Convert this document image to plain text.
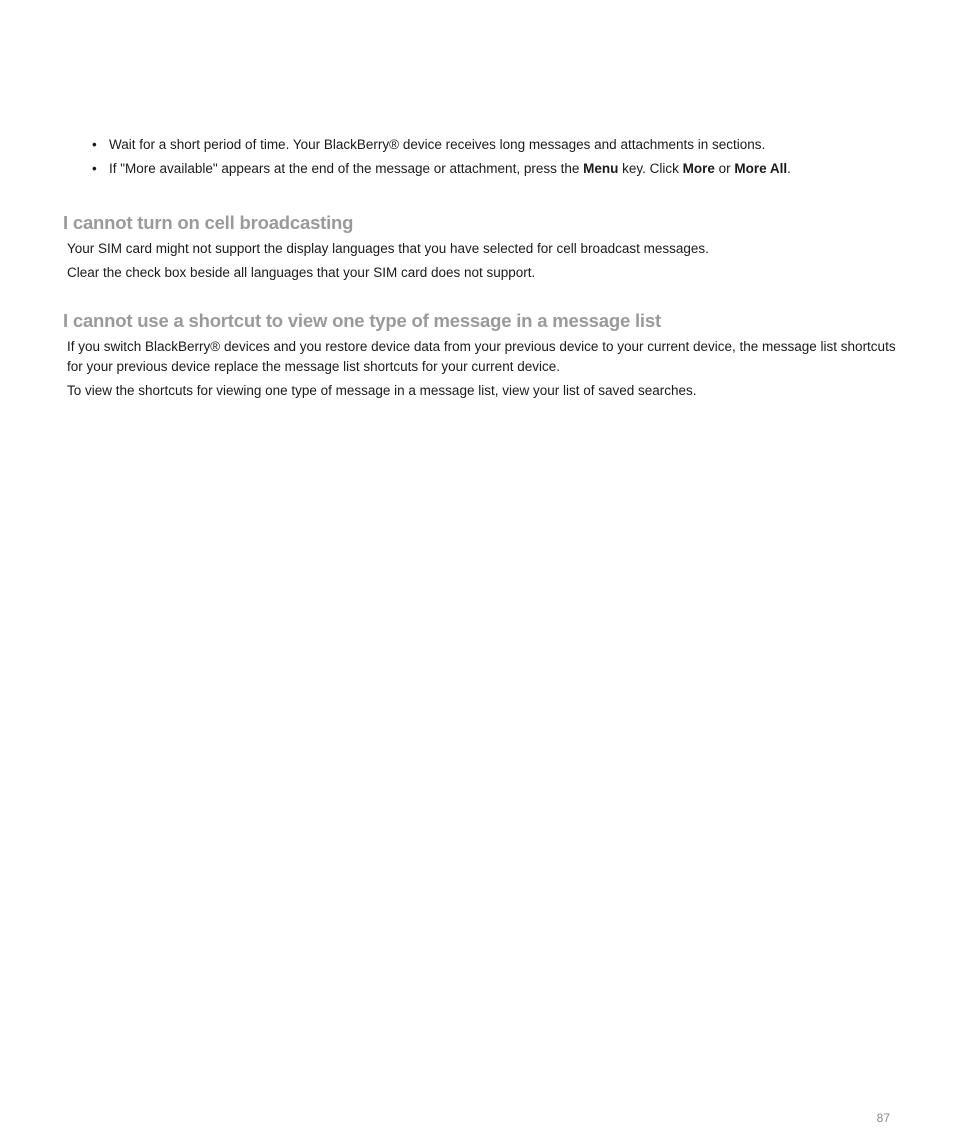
• Wait for a short period of time. Your BlackBerry® device receives long messages and attachments in sections.
• If "More available" appears at the end of the message or attachment, press the Menu key. Click More or More All.
I cannot turn on cell broadcasting

Your SIM card might not support the display languages that you have selected for cell broadcast messages.

Clear the check box beside all languages that your SIM card does not support.

I cannot use a shortcut to view one type of message in a message list

If you switch BlackBerry® devices and you restore device data from your previous device to your current device, the message list shortcuts for your previous device replace the message list shortcuts for your current device.

To view the shortcuts for viewing one type of message in a message list, view your list of saved searches.

87
